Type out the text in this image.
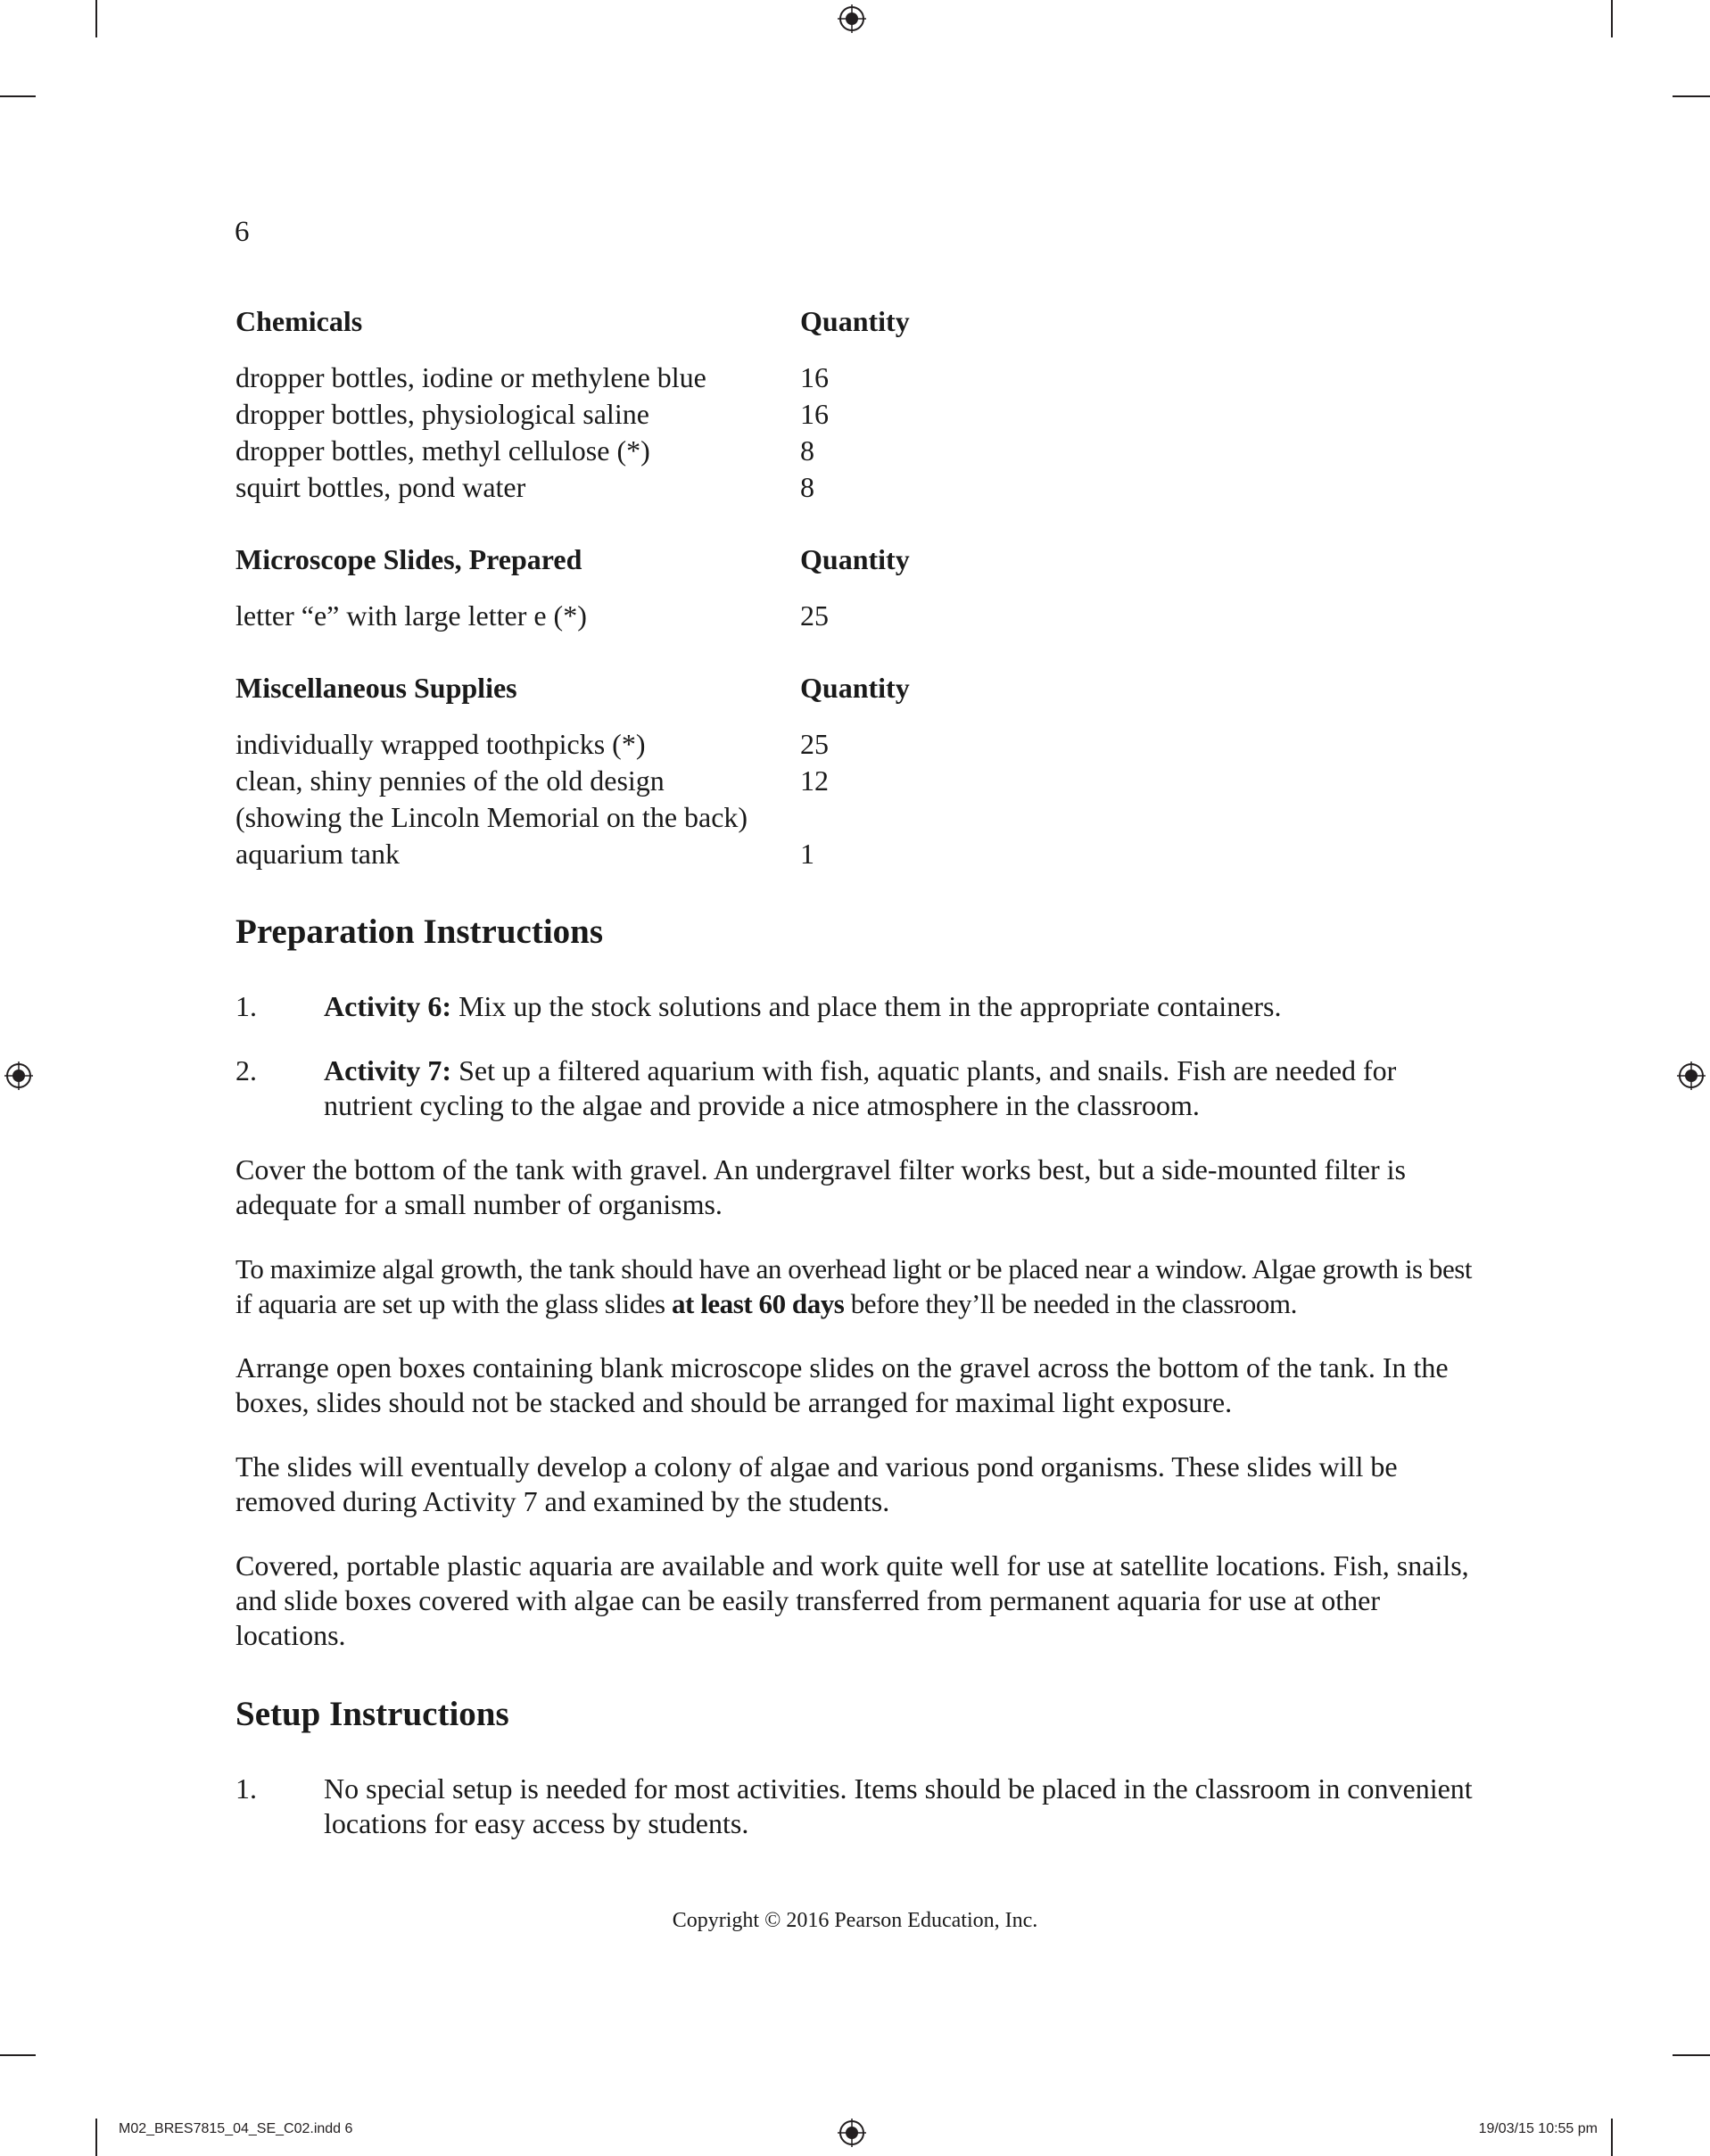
6
Chemicals	Quantity
dropper bottles, iodine or methylene blue	16
dropper bottles, physiological saline	16
dropper bottles, methyl cellulose (*)	8
squirt bottles, pond water	8
Microscope Slides, Prepared	Quantity
letter “e” with large letter e (*)	25
Miscellaneous Supplies	Quantity
individually wrapped toothpicks (*)	25
clean, shiny pennies of the old design	12
(showing the Lincoln Memorial on the back)
aquarium tank	1
Preparation Instructions
1. Activity 6: Mix up the stock solutions and place them in the appropriate containers.
2. Activity 7: Set up a filtered aquarium with fish, aquatic plants, and snails. Fish are needed for nutrient cycling to the algae and provide a nice atmosphere in the classroom.

Cover the bottom of the tank with gravel. An undergravel filter works best, but a side-mounted filter is adequate for a small number of organisms.

To maximize algal growth, the tank should have an overhead light or be placed near a window. Algae growth is best if aquaria are set up with the glass slides at least 60 days before they’ll be needed in the classroom.

Arrange open boxes containing blank microscope slides on the gravel across the bottom of the tank. In the boxes, slides should not be stacked and should be arranged for maximal light exposure.

The slides will eventually develop a colony of algae and various pond organisms. These slides will be removed during Activity 7 and examined by the students.

Covered, portable plastic aquaria are available and work quite well for use at satellite locations. Fish, snails, and slide boxes covered with algae can be easily transferred from permanent aquaria for use at other locations.

Setup Instructions
1. No special setup is needed for most activities. Items should be placed in the classroom in convenient locations for easy access by students.
Copyright © 2016 Pearson Education, Inc.
M02_BRES7815_04_SE_C02.indd 6	19/03/15 10:55 pm
